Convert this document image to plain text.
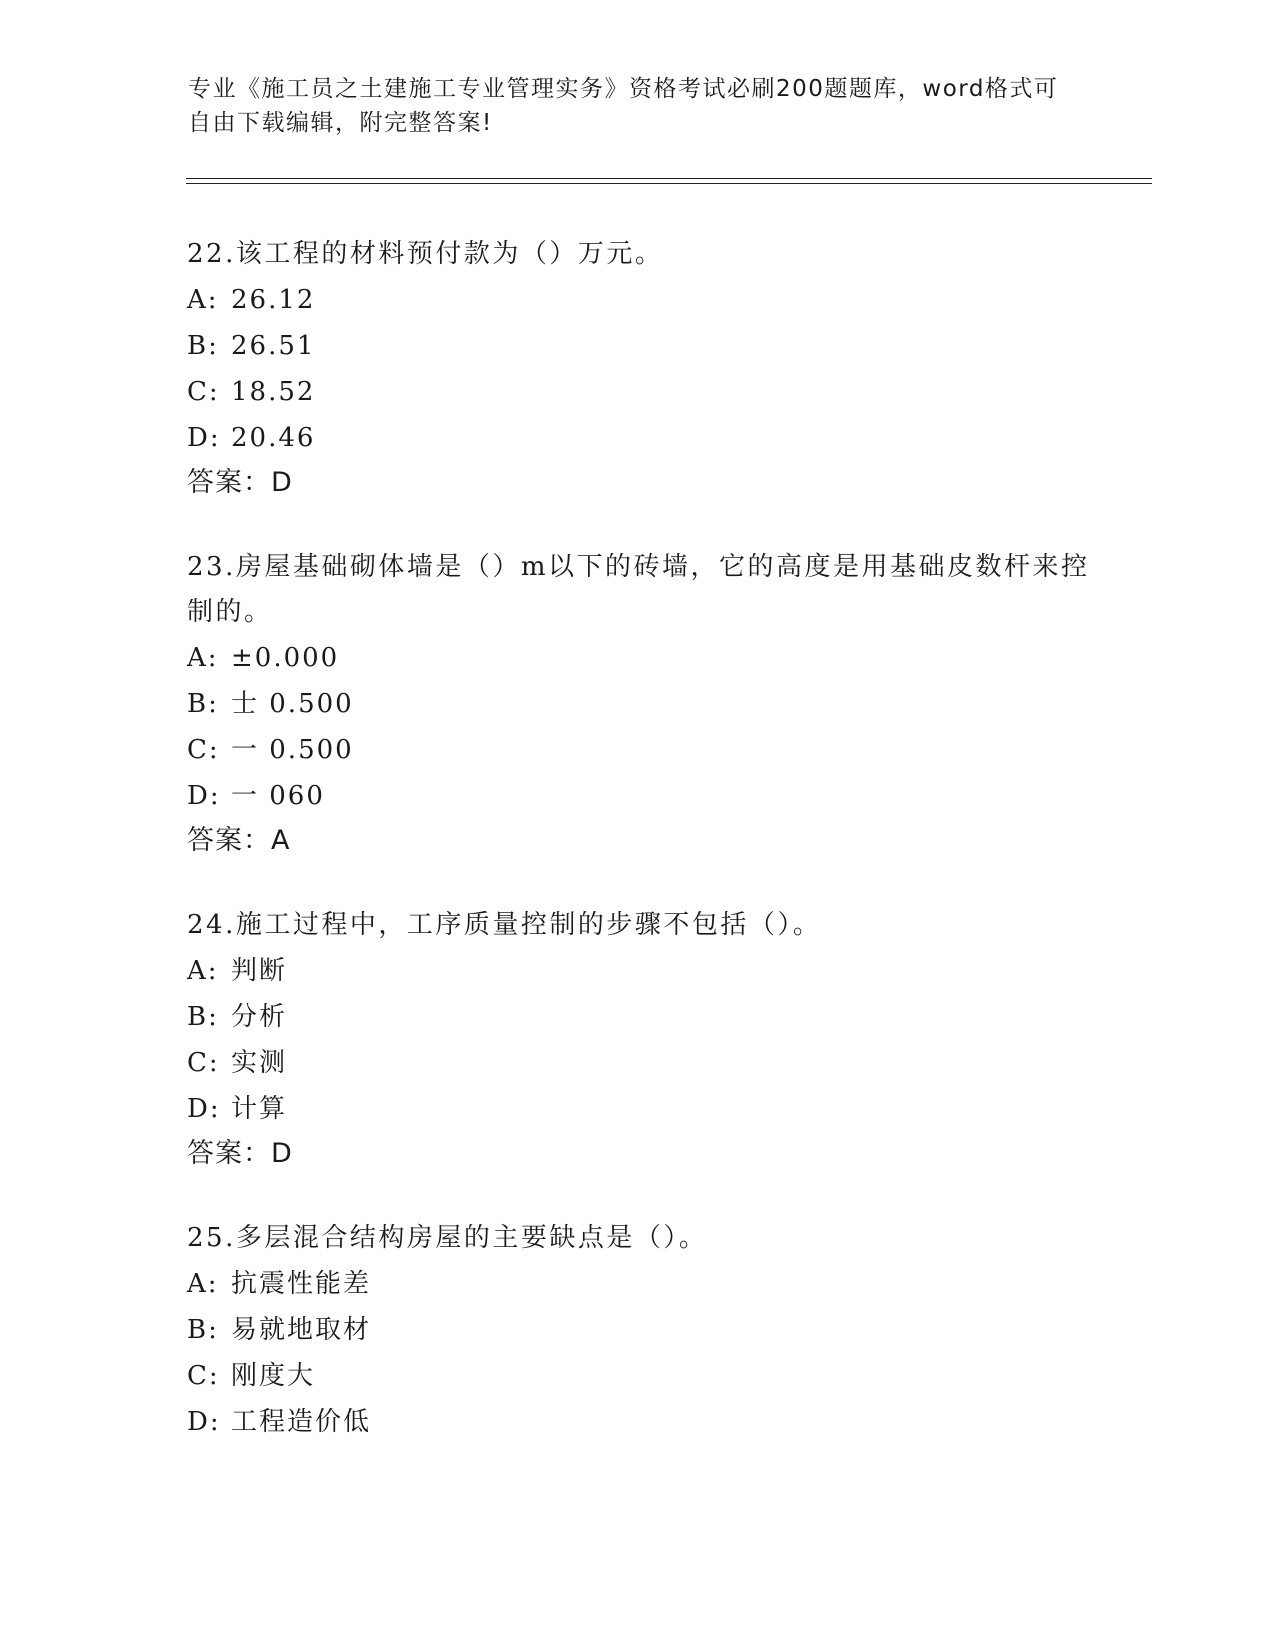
专业《施工员之土建施工专业管理实务》资格考试必刷200题题库，word格式可
自由下载编辑，附完整答案!
22.该工程的材料预付款为（）万元。
A: 26.12
B: 26.51
C: 18.52
D: 20.46
答案：D
23.房屋基础砌体墙是（）m以下的砖墙，它的高度是用基础皮数杆来控制的。
A: ±0.000
B: 士 0.500
C: 一 0.500
D: 一 060
答案：A
24.施工过程中，工序质量控制的步骤不包括（）。
A: 判断
B: 分析
C: 实测
D: 计算
答案：D
25.多层混合结构房屋的主要缺点是（）。
A: 抗震性能差
B: 易就地取材
C: 刚度大
D: 工程造价低
